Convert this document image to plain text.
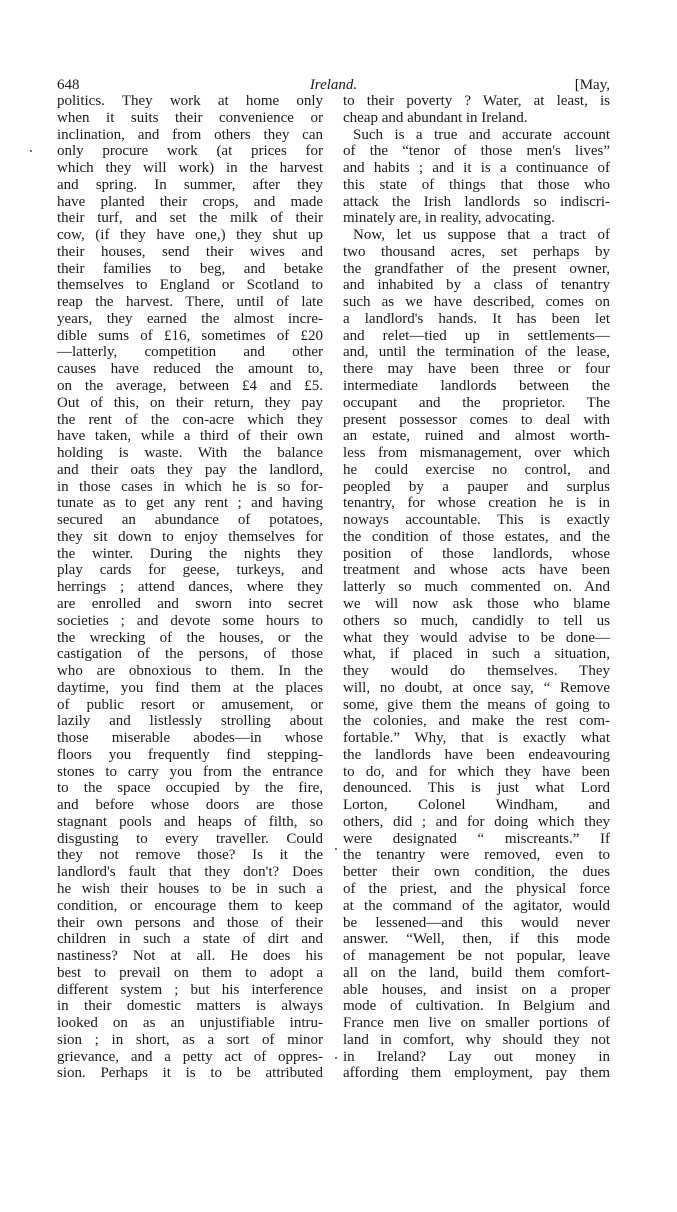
648	Ireland.	[May,
politics. They work at home only
when it suits their convenience or
inclination, and from others they can
only procure work (at prices for
which they will work) in the harvest
and spring. In summer, after they
have planted their crops, and made
their turf, and set the milk of their
cow, (if they have one,) they shut up
their houses, send their wives and
their families to beg, and betake
themselves to England or Scotland to
reap the harvest. There, until of late
years, they earned the almost incre-
dible sums of £16, sometimes of £20
—latterly, competition and other
causes have reduced the amount to,
on the average, between £4 and £5.
Out of this, on their return, they pay
the rent of the con-acre which they
have taken, while a third of their own
holding is waste. With the balance
and their oats they pay the landlord,
in those cases in which he is so for-
tunate as to get any rent ; and having
secured an abundance of potatoes,
they sit down to enjoy themselves for
the winter. During the nights they
play cards for geese, turkeys, and
herrings ; attend dances, where they
are enrolled and sworn into secret
societies ; and devote some hours to
the wrecking of the houses, or the
castigation of the persons, of those
who are obnoxious to them. In the
daytime, you find them at the places
of public resort or amusement, or
lazily and listlessly strolling about
those miserable abodes—in whose
floors you frequently find stepping-
stones to carry you from the entrance
to the space occupied by the fire,
and before whose doors are those
stagnant pools and heaps of filth, so
disgusting to every traveller. Could
they not remove those? Is it the
landlord's fault that they don't? Does
he wish their houses to be in such a
condition, or encourage them to keep
their own persons and those of their
children in such a state of dirt and
nastiness? Not at all. He does his
best to prevail on them to adopt a
different system ; but his interference
in their domestic matters is always
looked on as an unjustifiable intru-
sion ; in short, as a sort of minor
grievance, and a petty act of oppres-
sion. Perhaps it is to be attributed
to their poverty ? Water, at least, is
cheap and abundant in Ireland.
Such is a true and accurate account
of the “tenor of those men's lives”
and habits ; and it is a continuance of
this state of things that those who
attack the Irish landlords so indiscri-
minately are, in reality, advocating.
Now, let us suppose that a tract of
two thousand acres, set perhaps by
the grandfather of the present owner,
and inhabited by a class of tenantry
such as we have described, comes on
a landlord's hands. It has been let
and relet—tied up in settlements—
and, until the termination of the lease,
there may have been three or four
intermediate landlords between the
occupant and the proprietor. The
present possessor comes to deal with
an estate, ruined and almost worth-
less from mismanagement, over which
he could exercise no control, and
peopled by a pauper and surplus
tenantry, for whose creation he is in
noways accountable. This is exactly
the condition of those estates, and the
position of those landlords, whose
treatment and whose acts have been
latterly so much commented on. And
we will now ask those who blame
others so much, candidly to tell us
what they would advise to be done—
what, if placed in such a situation,
they would do themselves. They
will, no doubt, at once say, “ Remove
some, give them the means of going to
the colonies, and make the rest com-
fortable.” Why, that is exactly what
the landlords have been endeavouring
to do, and for which they have been
denounced. This is just what Lord
Lorton, Colonel Windham, and
others, did ; and for doing which they
were designated “ miscreants.” If
the tenantry were removed, even to
better their own condition, the dues
of the priest, and the physical force
at the command of the agitator, would
be lessened—and this would never
answer. “Well, then, if this mode
of management be not popular, leave
all on the land, build them comfort-
able houses, and insist on a proper
mode of cultivation. In Belgium and
France men live on smaller portions of
land in comfort, why should they not
in Ireland? Lay out money in
affording them employment, pay them
